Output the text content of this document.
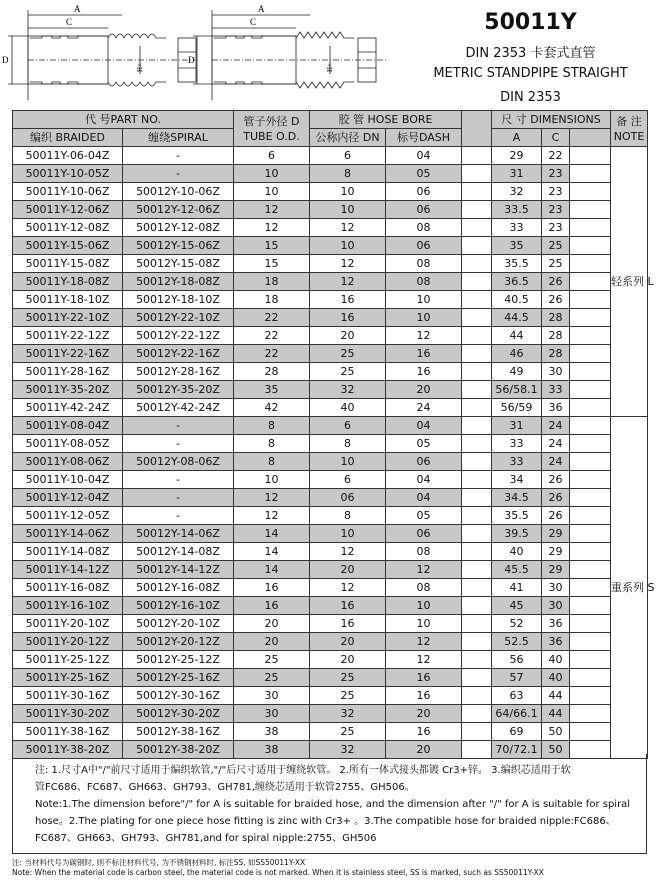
A
C
D
H×
A
C
D
H×
50011Y
DIN 2353 卡套式直管
METRIC STANDPIPE STRAIGHT
DIN 2353
代 号PART NO.		管子外径 D TUBE O.D.	胶 管 HOSE BORE			尺 寸 DIMENSIONS			备 注 NOTE
编织 BRAIDED	缠绕SPIRAL		公称内径 DN	标号DASH		A	C		
50011Y-06-04Z	-	6	6	04		29	22		轻系列 L
50011Y-10-05Z	-	10	8	05		31	23		
50011Y-10-06Z	50012Y-10-06Z	10	10	06		32	23		
50011Y-12-06Z	50012Y-12-06Z	12	10	06		33.5	23		
50011Y-12-08Z	50012Y-12-08Z	12	12	08		33	23		
50011Y-15-06Z	50012Y-15-06Z	15	10	06		35	25		
50011Y-15-08Z	50012Y-15-08Z	15	12	08		35.5	25		
50011Y-18-08Z	50012Y-18-08Z	18	12	08		36.5	26		
50011Y-18-10Z	50012Y-18-10Z	18	16	10		40.5	26		
50011Y-22-10Z	50012Y-22-10Z	22	16	10		44.5	28		
50011Y-22-12Z	50012Y-22-12Z	22	20	12		44	28		
50011Y-22-16Z	50012Y-22-16Z	22	25	16		46	28		
50011Y-28-16Z	50012Y-28-16Z	28	25	16		49	30		
50011Y-35-20Z	50012Y-35-20Z	35	32	20		56/58.1	33		
50011Y-42-24Z	50012Y-42-24Z	42	40	24		56/59	36		
50011Y-08-04Z	-	8	6	04		31	24		重系列 S
50011Y-08-05Z	-	8	8	05		33	24		
50011Y-08-06Z	50012Y-08-06Z	8	10	06		33	24		
50011Y-10-04Z	-	10	6	04		34	26		
50011Y-12-04Z	-	12	06	04		34.5	26		
50011Y-12-05Z	-	12	8	05		35.5	26		
50011Y-14-06Z	50012Y-14-06Z	14	10	06		39.5	29		
50011Y-14-08Z	50012Y-14-08Z	14	12	08		40	29		
50011Y-14-12Z	50012Y-14-12Z	14	20	12		45.5	29		
50011Y-16-08Z	50012Y-16-08Z	16	12	08		41	30		
50011Y-16-10Z	50012Y-16-10Z	16	16	10		45	30		
50011Y-20-10Z	50012Y-20-10Z	20	16	10		52	36		
50011Y-20-12Z	50012Y-20-12Z	20	20	12		52.5	36		
50011Y-25-12Z	50012Y-25-12Z	25	20	12		56	40		
50011Y-25-16Z	50012Y-25-16Z	25	25	16		57	40		
50011Y-30-16Z	50012Y-30-16Z	30	25	16		63	44		
50011Y-30-20Z	50012Y-30-20Z	30	32	20		64/66.1	44		
50011Y-38-16Z	50012Y-38-16Z	38	25	16		69	50		
50011Y-38-20Z	50012Y-38-20Z	38	32	20		70/72.1	50		
注: 1.尺寸A中"/"前尺寸适用于编织软管,"/"后尺寸适用于缠绕软管。 2.所有一体式接头都镀 Cr3+锌。 3.编织芯适用于软
管FC686、FC687、GH663、GH793、GH781,缠绕芯适用于软管2755、GH506。
Note:1.The dimension before"/" for A is suitable for braided hose, and the dimension after "/" for A is suitable for spiral
hose。2.The plating for one piece hose fitting is zinc with Cr3+ 。3.The compatible hose for braided nipple:FC686、
FC687、GH663、GH793、GH781,and for spiral nipple:2755、GH506
注: 当材料代号为碳钢时, 则不标注材料代号, 为不锈钢材料时, 标注SS, 如SS50011Y-XX
Note: When the material code is carbon steel, the material code is not marked. When it is stainless steel, SS is marked, such as SS50011Y-XX
